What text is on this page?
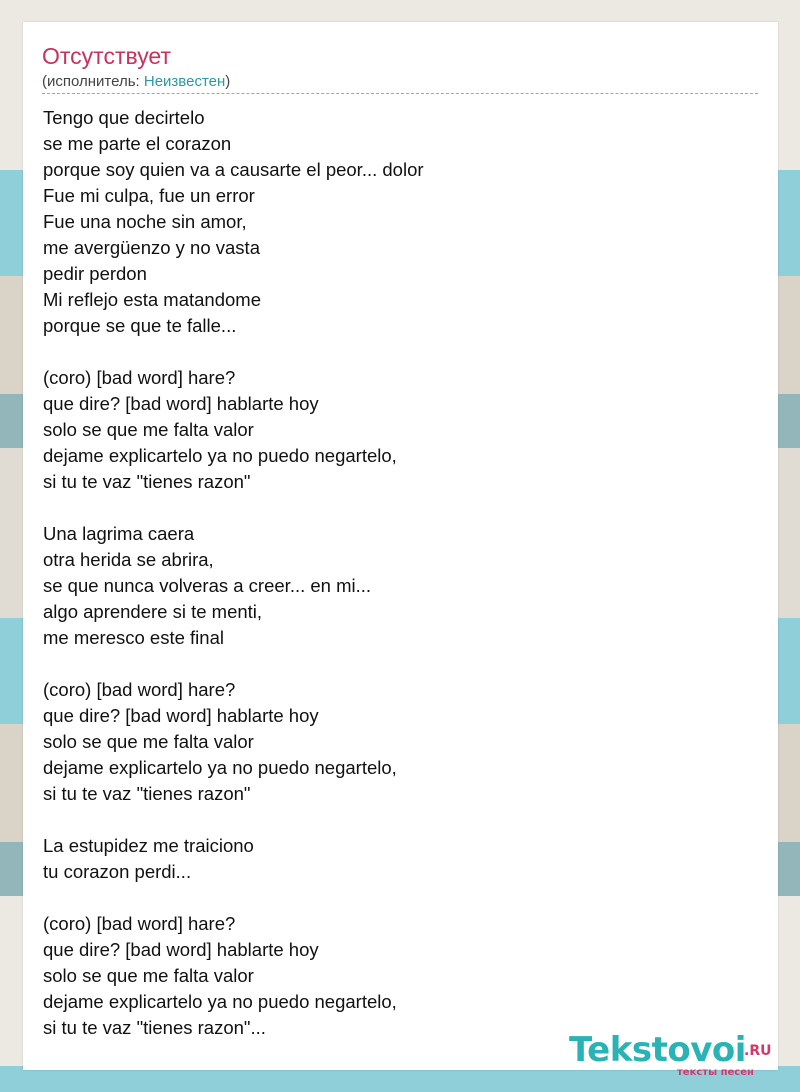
Отсутствует
(исполнитель: Неизвестен)
Tengo que decirtelo
se me parte el corazon
porque soy quien va a causarte el peor... dolor
Fue mi culpa, fue un error
Fue una noche sin amor,
me avergüenzo y no vasta
pedir perdon
Mi reflejo esta matandome
porque se que te falle...
(coro) [bad word] hare?
que dire? [bad word] hablarte hoy
solo se que me falta valor
dejame explicartelo ya no puedo negartelo,
si tu te vaz "tienes razon"
Una lagrima caera
otra herida se abrira,
se que nunca volveras a creer... en mi...
algo aprendere si te menti,
me meresco este final
(coro) [bad word] hare?
que dire? [bad word] hablarte hoy
solo se que me falta valor
dejame explicartelo ya no puedo negartelo,
si tu te vaz "tienes razon"
La estupidez me traiciono
tu corazon perdi...
(coro) [bad word] hare?
que dire? [bad word] hablarte hoy
solo se que me falta valor
dejame explicartelo ya no puedo negartelo,
si tu te vaz "tienes razon"...
Tekstovoi
.RU
тексты песен
